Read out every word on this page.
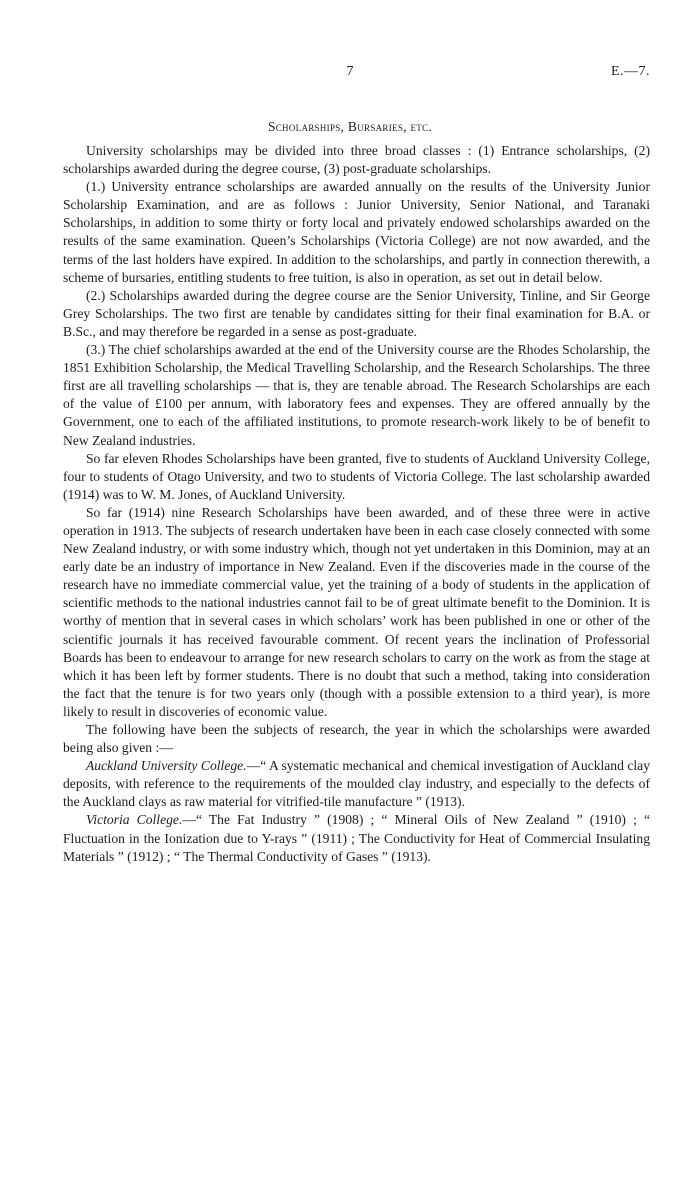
7	E.—7.
Scholarships, Bursaries, etc.

University scholarships may be divided into three broad classes : (1) Entrance scholarships, (2) scholarships awarded during the degree course, (3) post-graduate scholarships.

(1.) University entrance scholarships are awarded annually on the results of the University Junior Scholarship Examination, and are as follows : Junior University, Senior National, and Taranaki Scholarships, in addition to some thirty or forty local and privately endowed scholarships awarded on the results of the same examination. Queen’s Scholarships (Victoria College) are not now awarded, and the terms of the last holders have expired. In addition to the scholarships, and partly in connection therewith, a scheme of bursaries, entitling students to free tuition, is also in operation, as set out in detail below.

(2.) Scholarships awarded during the degree course are the Senior University, Tinline, and Sir George Grey Scholarships. The two first are tenable by candidates sitting for their final examination for B.A. or B.Sc., and may therefore be regarded in a sense as post-graduate.

(3.) The chief scholarships awarded at the end of the University course are the Rhodes Scholarship, the 1851 Exhibition Scholarship, the Medical Travelling Scholarship, and the Research Scholarships. The three first are all travelling scholarships — that is, they are tenable abroad. The Research Scholarships are each of the value of £100 per annum, with laboratory fees and expenses. They are offered annually by the Government, one to each of the affiliated institutions, to promote research-work likely to be of benefit to New Zealand industries.

So far eleven Rhodes Scholarships have been granted, five to students of Auckland University College, four to students of Otago University, and two to students of Victoria College. The last scholarship awarded (1914) was to W. M. Jones, of Auckland University.

So far (1914) nine Research Scholarships have been awarded, and of these three were in active operation in 1913. The subjects of research undertaken have been in each case closely connected with some New Zealand industry, or with some industry which, though not yet undertaken in this Dominion, may at an early date be an industry of importance in New Zealand. Even if the discoveries made in the course of the research have no immediate commercial value, yet the training of a body of students in the application of scientific methods to the national industries cannot fail to be of great ultimate benefit to the Dominion. It is worthy of mention that in several cases in which scholars’ work has been published in one or other of the scientific journals it has received favourable comment. Of recent years the inclination of Professorial Boards has been to endeavour to arrange for new research scholars to carry on the work as from the stage at which it has been left by former students. There is no doubt that such a method, taking into consideration the fact that the tenure is for two years only (though with a possible extension to a third year), is more likely to result in discoveries of economic value.

The following have been the subjects of research, the year in which the scholarships were awarded being also given :—

Auckland University College.—“ A systematic mechanical and chemical investigation of Auckland clay deposits, with reference to the requirements of the moulded clay industry, and especially to the defects of the Auckland clays as raw material for vitrified-tile manufacture ” (1913).

Victoria College.—“ The Fat Industry ” (1908) ; “ Mineral Oils of New Zealand ” (1910) ; “ Fluctuation in the Ionization due to Y-rays ” (1911) ; The Conductivity for Heat of Commercial Insulating Materials ” (1912) ; “ The Thermal Conductivity of Gases ” (1913).
